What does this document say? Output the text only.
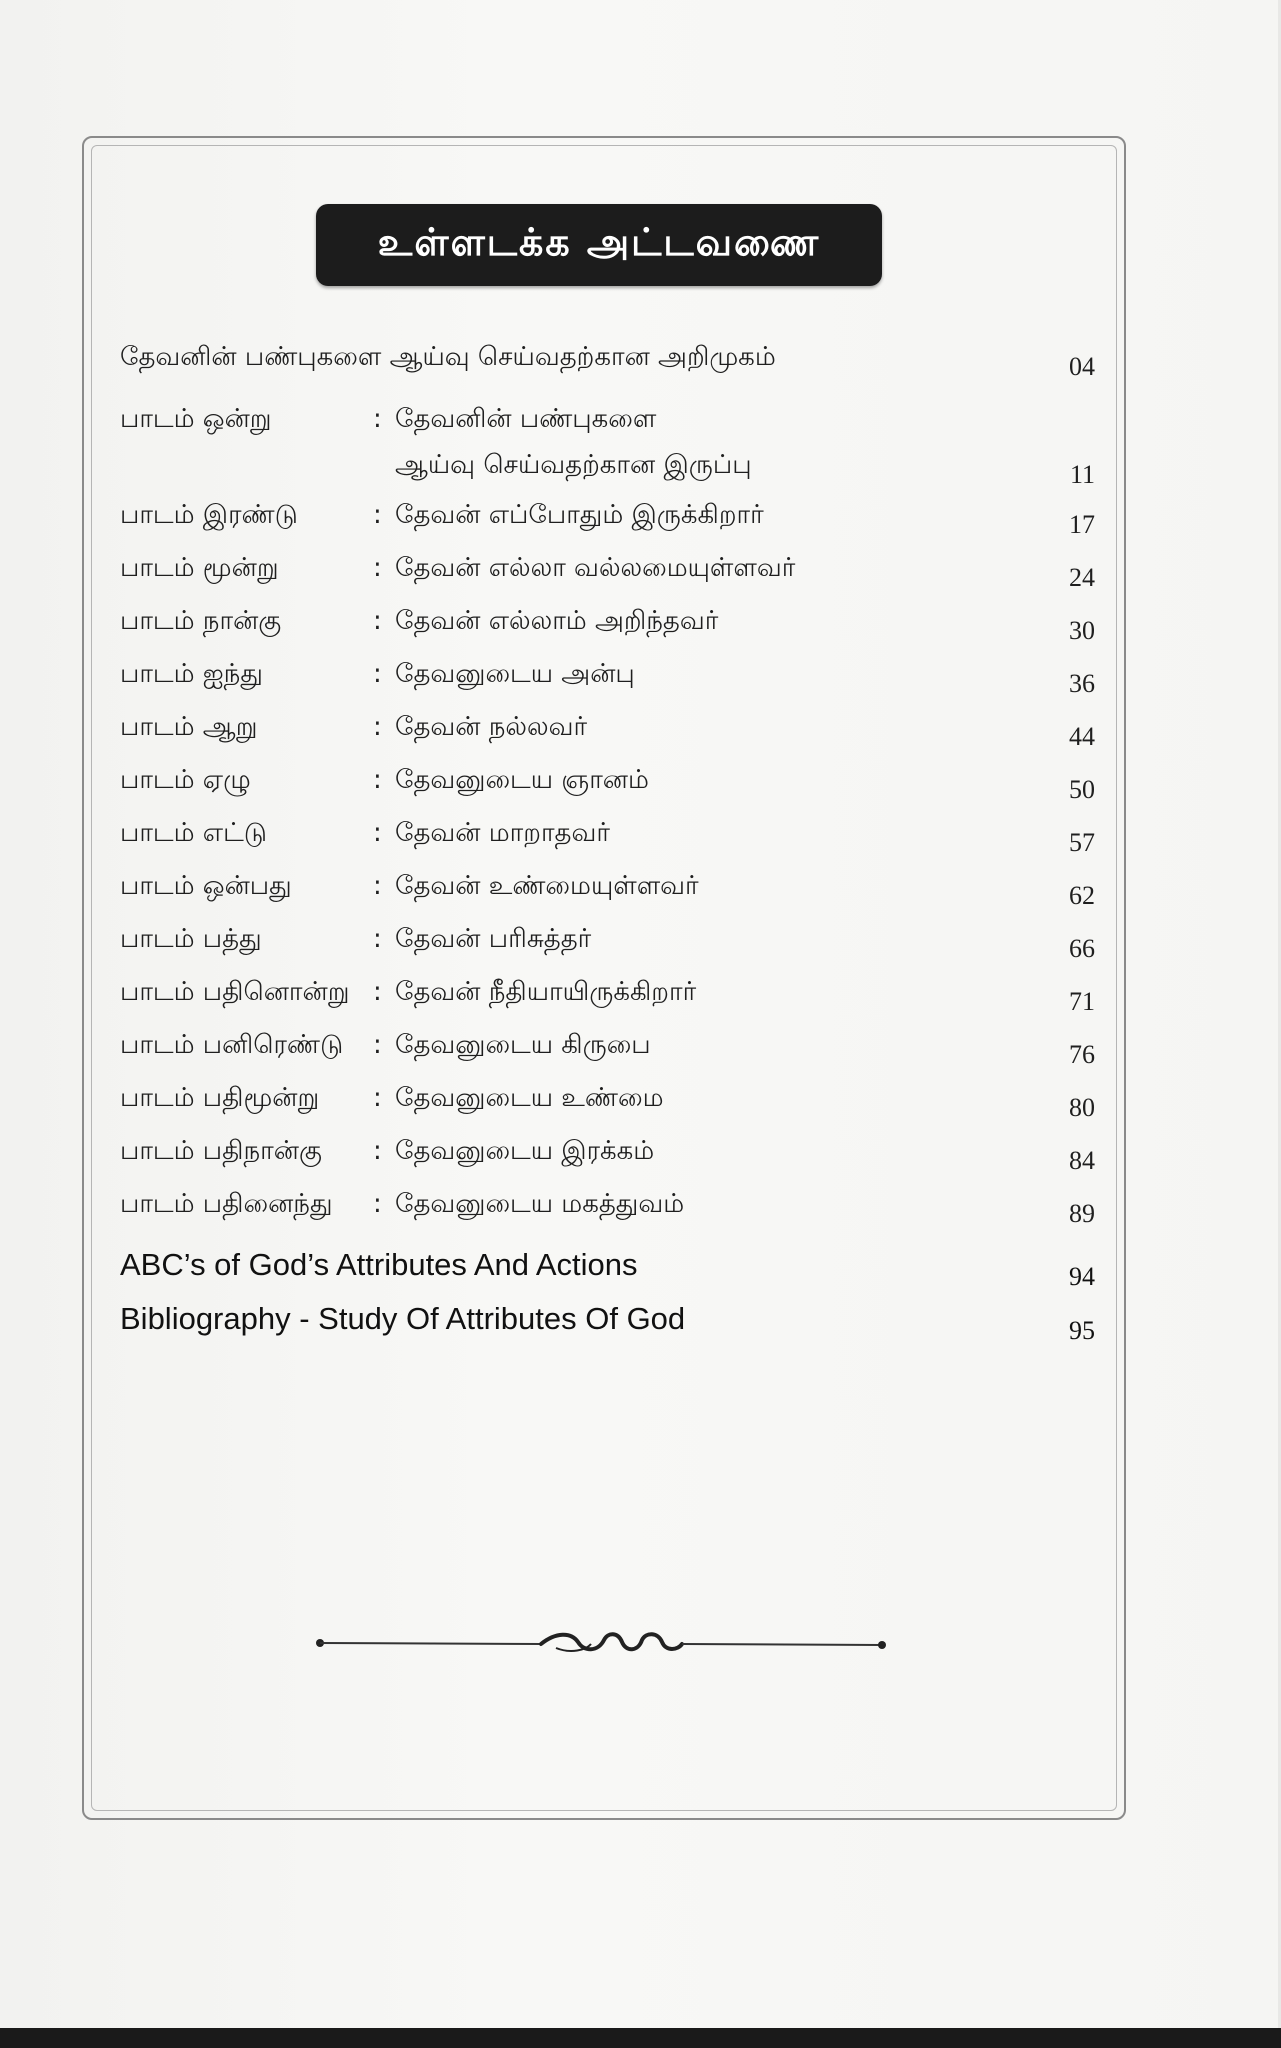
உள்ளடக்க அட்டவணை
தேவனின் பண்புகளை ஆய்வு செய்வதற்கான அறிமுகம்	04
பாடம் ஒன்று	: தேவனின் பண்புகளை
ஆய்வு செய்வதற்கான இருப்பு	11
பாடம் இரண்டு	: தேவன் எப்போதும் இருக்கிறார்	17
பாடம் மூன்று	: தேவன் எல்லா வல்லமையுள்ளவர்	24
பாடம் நான்கு	: தேவன் எல்லாம் அறிந்தவர்	30
பாடம் ஐந்து	: தேவனுடைய அன்பு	36
பாடம் ஆறு	: தேவன் நல்லவர்	44
பாடம் ஏழு	: தேவனுடைய ஞானம்	50
பாடம் எட்டு	: தேவன் மாறாதவர்	57
பாடம் ஒன்பது	: தேவன் உண்மையுள்ளவர்	62
பாடம் பத்து	: தேவன் பரிசுத்தர்	66
பாடம் பதினொன்று : தேவன் நீதியாயிருக்கிறார்	71
பாடம் பனிரெண்டு : தேவனுடைய கிருபை	76
பாடம் பதிமூன்று : தேவனுடைய உண்மை	80
பாடம் பதிநான்கு : தேவனுடைய இரக்கம்	84
பாடம் பதினைந்து : தேவனுடைய மகத்துவம்	89
ABC’s of God’s Attributes And Actions	94
Bibliography - Study Of Attributes Of God	95
